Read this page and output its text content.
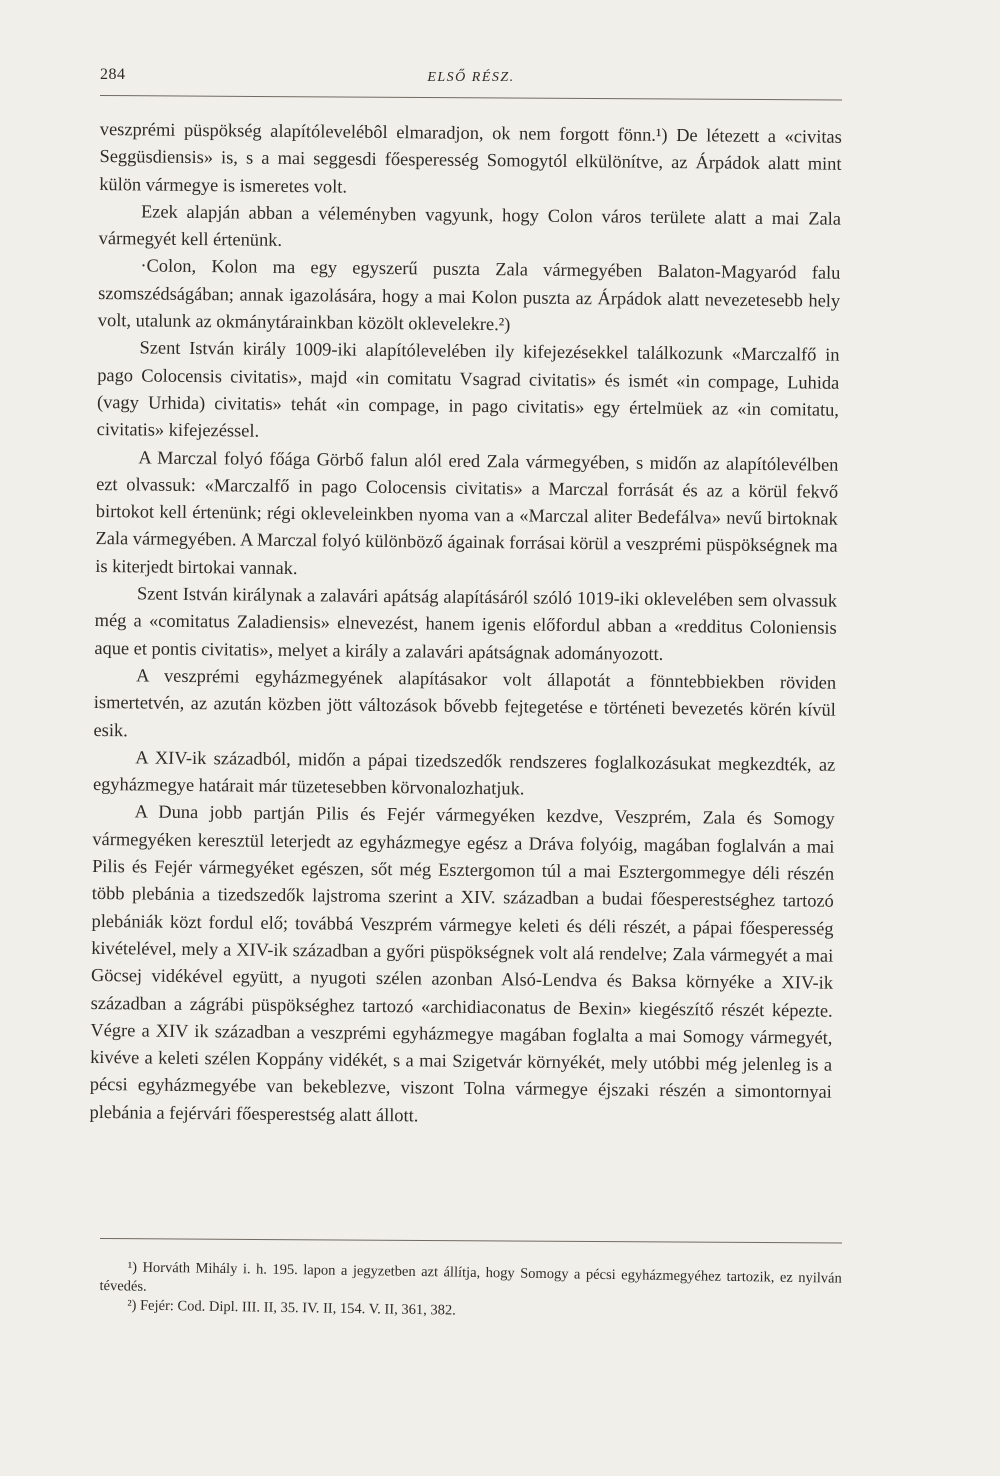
284	ELSŐ RÉSZ.

veszprémi püspökség alapítólevelébôl elmaradjon, ok nem forgott fönn.¹) De létezett a «civitas Seggüsdiensis» is, s a mai seggesdi főesperesség Somogytól elkülönítve, az Árpádok alatt mint külön vármegye is ismeretes volt.

Ezek alapján abban a véleményben vagyunk, hogy Colon város területe alatt a mai Zala vármegyét kell értenünk.

·Colon, Kolon ma egy egyszerű puszta Zala vármegyében Balaton-Magyaród falu szomszédságában; annak igazolására, hogy a mai Kolon puszta az Árpádok alatt nevezetesebb hely volt, utalunk az okmánytárainkban közölt oklevelekre.²)

Szent István király 1009-iki alapítólevelében ily kifejezésekkel találkozunk «Marczalfő in pago Colocensis civitatis», majd «in comitatu Vsagrad civitatis» és ismét «in compage, Luhida (vagy Urhida) civitatis» tehát «in compage, in pago civitatis» egy értelmüek az «in comitatu, civitatis» kifejezéssel.

A Marczal folyó főága Görbő falun alól ered Zala vármegyében, s midőn az alapítólevélben ezt olvassuk: «Marczalfő in pago Colocensis civitatis» a Marczal forrását és az a körül fekvő birtokot kell értenünk; régi okleveleinkben nyoma van a «Marczal aliter Bedefálva» nevű birtoknak Zala vármegyében. A Marczal folyó különböző ágainak forrásai körül a veszprémi püspökségnek ma is kiterjedt birtokai vannak.

Szent István királynak a zalavári apátság alapításáról szóló 1019-iki oklevelében sem olvassuk még a «comitatus Zaladiensis» elnevezést, hanem igenis előfordul abban a «redditus Coloniensis aque et pontis civitatis», melyet a király a zalavári apátságnak adományozott.

A veszprémi egyházmegyének alapításakor volt állapotát a fönntebbiekben röviden ismertetvén, az azután közben jött változások bővebb fejtegetése e történeti bevezetés körén kívül esik.

A XIV-ik századból, midőn a pápai tizedszedők rendszeres foglalkozásukat megkezdték, az egyházmegye határait már tüzetesebben körvonalozhatjuk.

A Duna jobb partján Pilis és Fejér vármegyéken kezdve, Veszprém, Zala és Somogy vármegyéken keresztül leterjedt az egyházmegye egész a Dráva folyóig, magában foglalván a mai Pilis és Fejér vármegyéket egészen, sőt még Esztergomon túl a mai Esztergommegye déli részén több plebánia a tizedszedők lajstroma szerint a XIV. században a budai főesperestséghez tartozó plebániák közt fordul elő; továbbá Veszprém vármegye keleti és déli részét, a pápai főesperesség kivételével, mely a XIV-ik században a győri püspökségnek volt alá rendelve; Zala vármegyét a mai Göcsej vidékével együtt, a nyugoti szélen azonban Alsó-Lendva és Baksa környéke a XIV-ik században a zágrábi püspökséghez tartozó «archidiaconatus de Bexin» kiegészítő részét képezte. Végre a XIV ik században a veszprémi egyházmegye magában foglalta a mai Somogy vármegyét, kivéve a keleti szélen Koppány vidékét, s a mai Szigetvár környékét, mely utóbbi még jelenleg is a pécsi egyházmegyébe van bekeblezve, viszont Tolna vármegye éjszaki részén a simontornyai plebánia a fejérvári főesperestség alatt állott.

¹) Horváth Mihály i. h. 195. lapon a jegyzetben azt állítja, hogy Somogy a pécsi egyházmegyéhez tartozik, ez nyilván tévedés.

²) Fejér: Cod. Dipl. III. II, 35. IV. II, 154. V. II, 361, 382.
